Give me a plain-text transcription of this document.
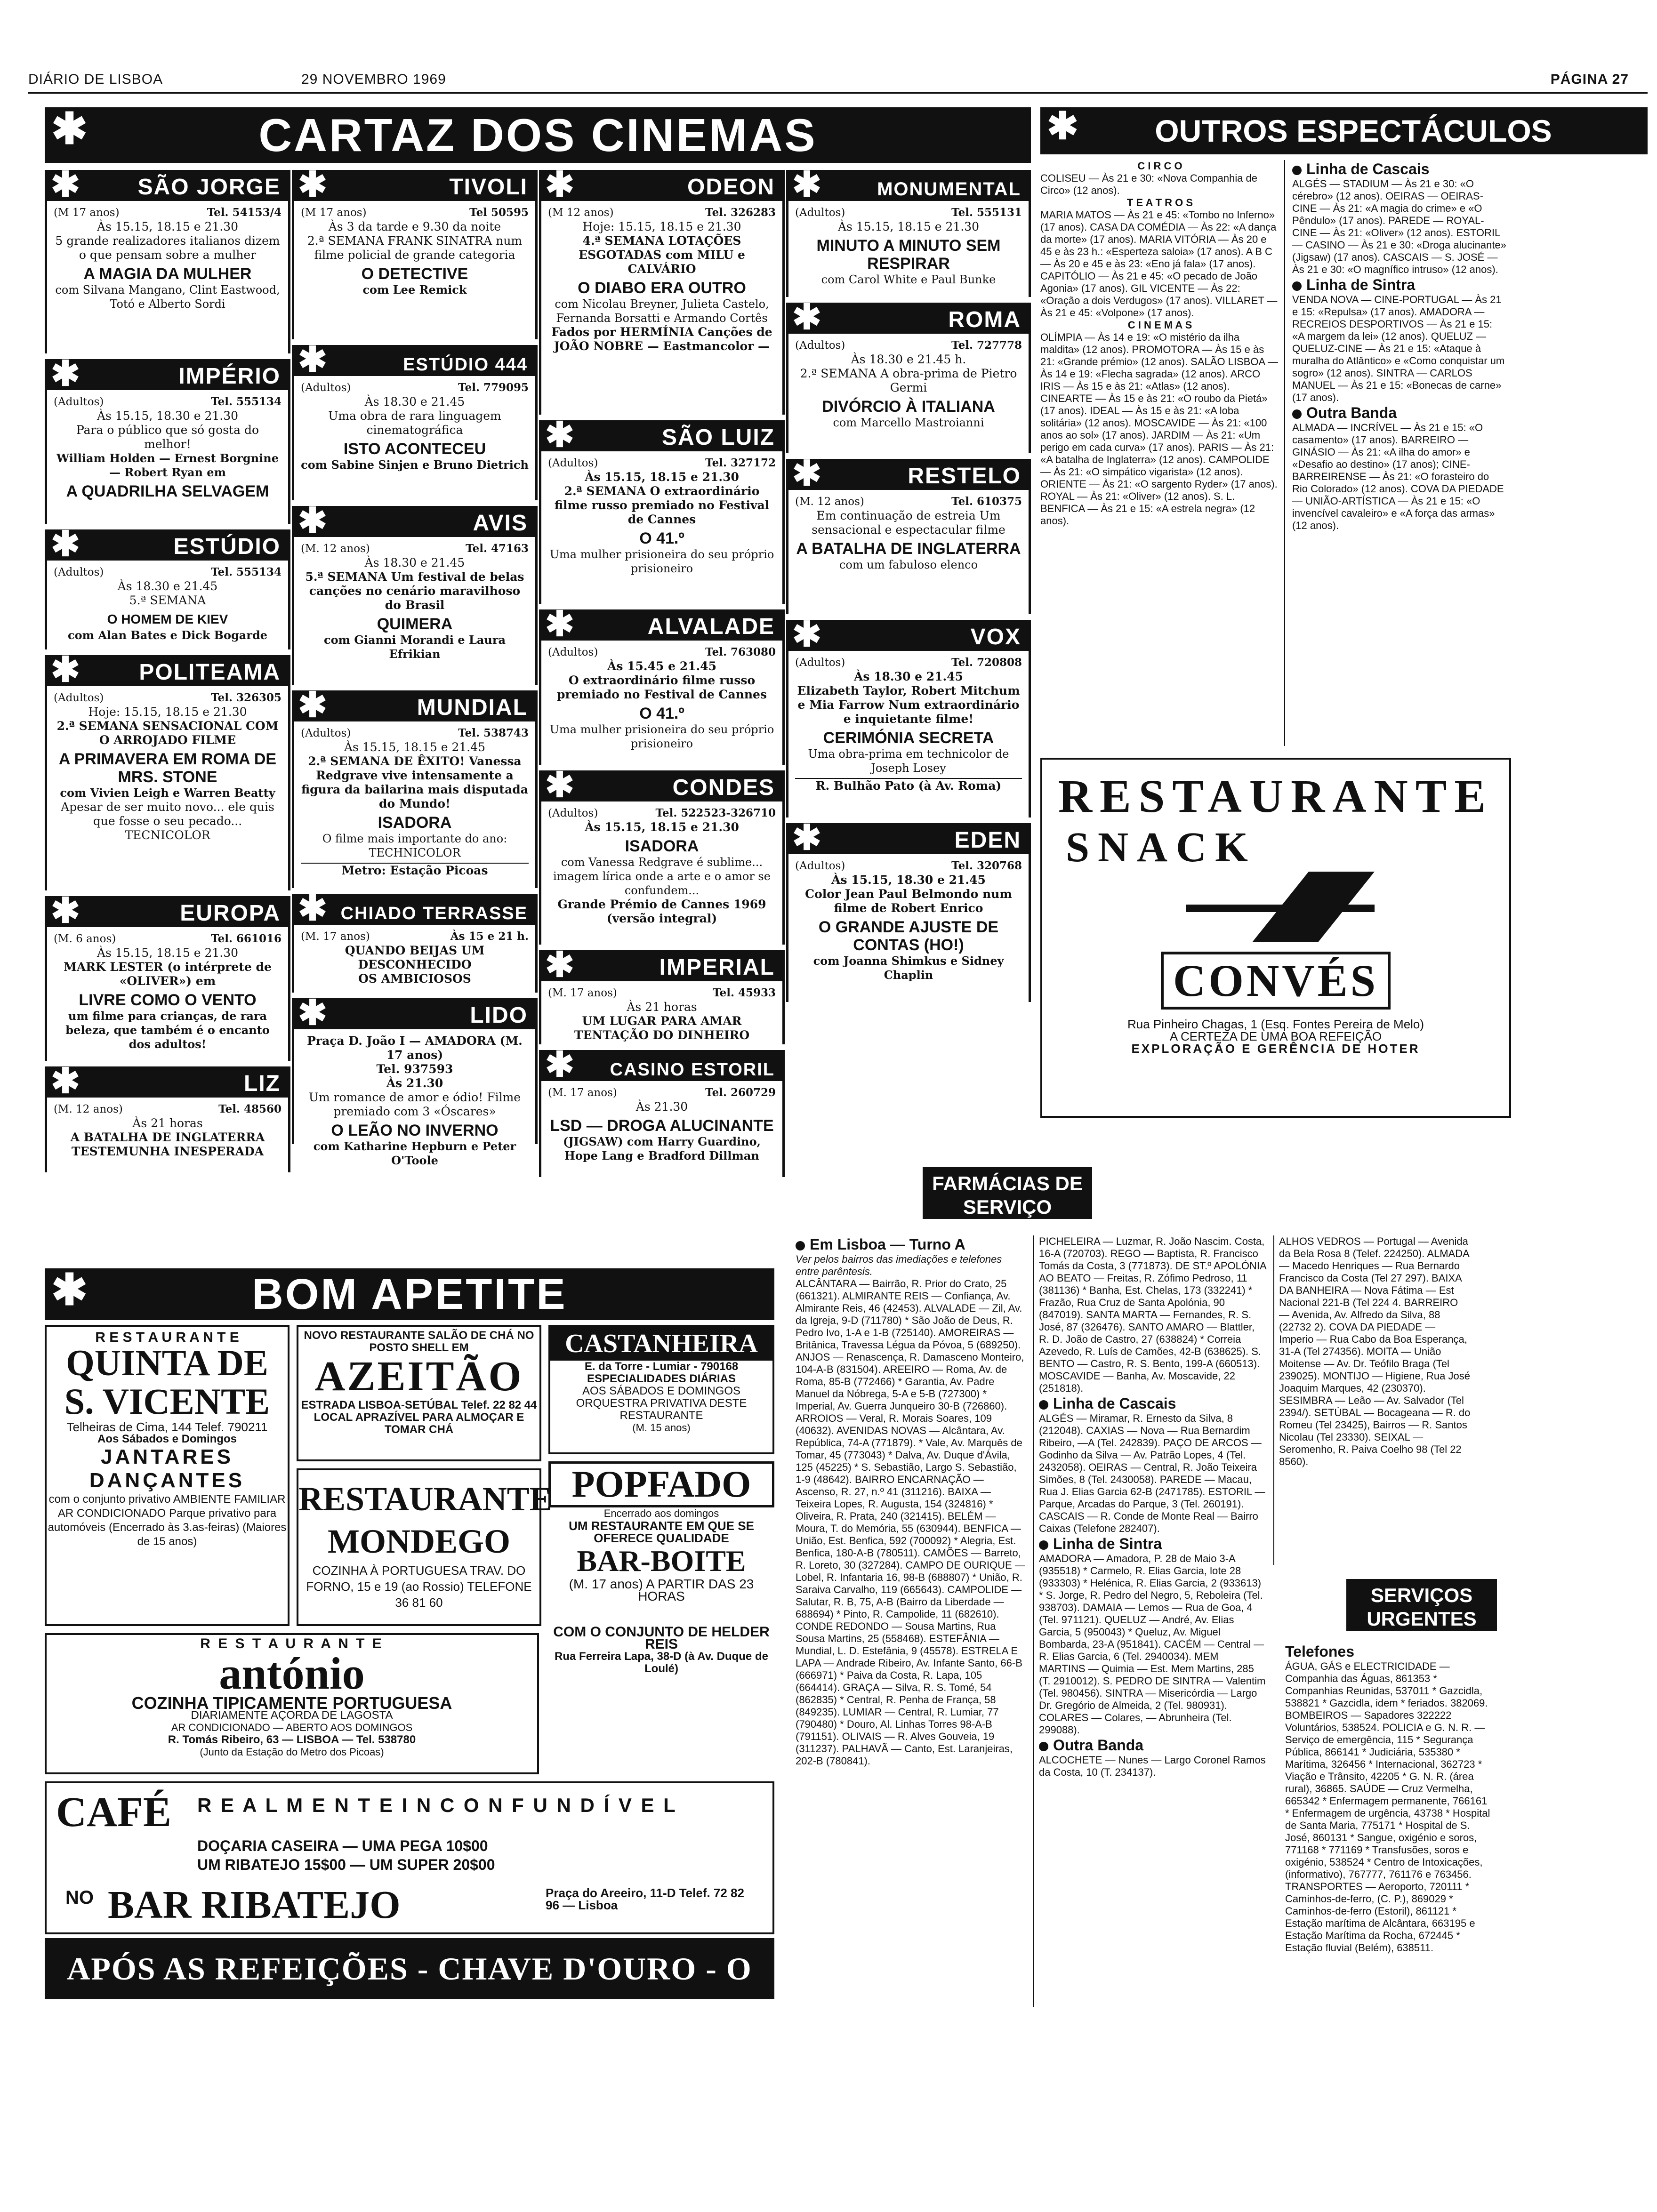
DIÁRIO DE LISBOA	29 NOVEMBRO 1969	PÁGINA 27
✱	CARTAZ DOS CINEMAS	✱ OUTROS ESPECTÁCULOS
✱	SÃO JORGE
(M 17 anos)	Tel. 54153/4
Às 15.15, 18.15 e 21.30
5 grande realizadores italianos dizem o que pensam sobre a mulher
A MAGIA DA MULHER
com Silvana Mangano, Clint Eastwood, Totó e Alberto Sordi
✱	IMPÉRIO
(Adultos)	Tel. 555134
Às 15.15, 18.30 e 21.30
Para o público que só gosta do melhor!
William Holden — Ernest Borgnine — Robert Ryan em
A QUADRILHA SELVAGEM
✱	ESTÚDIO
(Adultos)	Tel. 555134
Às 18.30 e 21.45
5.ª SEMANA
O HOMEM DE KIEV
com Alan Bates e Dick Bogarde
✱	POLITEAMA
(Adultos)	Tel. 326305
Hoje: 15.15, 18.15 e 21.30
2.ª SEMANA SENSACIONAL COM O ARROJADO FILME
A PRIMAVERA EM ROMA DE MRS. STONE
com Vivien Leigh e Warren Beatty
Apesar de ser muito novo... ele quis que fosse o seu pecado... TECNICOLOR
✱	EUROPA
(M. 6 anos)	Tel. 661016
Às 15.15, 18.15 e 21.30
MARK LESTER (o intérprete de «OLIVER») em
LIVRE COMO O VENTO
um filme para crianças, de rara beleza, que também é o encanto dos adultos!
✱	LIZ
(M. 12 anos)	Tel. 48560
Às 21 horas
A BATALHA DE INGLATERRA
TESTEMUNHA INESPERADA
✱	TIVOLI
(M 17 anos)	Tel 50595
Às 3 da tarde e 9.30 da noite
2.ª SEMANA FRANK SINATRA num filme policial de grande categoria
O DETECTIVE
com Lee Remick
✱	ESTÚDIO 444
(Adultos)	Tel. 779095
Às 18.30 e 21.45
Uma obra de rara linguagem cinematográfica
ISTO ACONTECEU
com Sabine Sinjen e Bruno Dietrich
✱	AVIS
(M. 12 anos)	Tel. 47163
Às 18.30 e 21.45
5.ª SEMANA Um festival de belas canções no cenário maravilhoso do Brasil
QUIMERA
com Gianni Morandi e Laura Efrikian
✱	MUNDIAL
(Adultos)	Tel. 538743
Às 15.15, 18.15 e 21.45
2.ª SEMANA DE ÊXITO! Vanessa Redgrave vive intensamente a figura da bailarina mais disputada do Mundo!
ISADORA
O filme mais importante do ano: TECHNICOLOR
Metro: Estação Picoas
✱ CHIADO TERRASSE
(M. 17 anos)	Às 15 e 21 h.
QUANDO BEIJAS UM DESCONHECIDO
OS AMBICIOSOS
✱	LIDO
Praça D. João I — AMADORA (M. 17 anos)
Tel. 937593
Às 21.30
Um romance de amor e ódio! Filme premiado com 3 «Óscares»
O LEÃO NO INVERNO
com Katharine Hepburn e Peter O'Toole
✱	ODEON
(M 12 anos)	Tel. 326283
Hoje: 15.15, 18.15 e 21.30
4.ª SEMANA LOTAÇÕES ESGOTADAS com MILU e CALVÁRIO
O DIABO ERA OUTRO
com Nicolau Breyner, Julieta Castelo, Fernanda Borsatti e Armando Cortês
Fados por HERMÍNIA Canções de JOÃO NOBRE — Eastmancolor —
✱	SÃO LUIZ
(Adultos)	Tel. 327172
Às 15.15, 18.15 e 21.30
2.ª SEMANA O extraordinário filme russo premiado no Festival de Cannes
O 41.º
Uma mulher prisioneira do seu próprio prisioneiro
✱	ALVALADE
(Adultos)	Tel. 763080
Às 15.45 e 21.45
O extraordinário filme russo premiado no Festival de Cannes
O 41.º
Uma mulher prisioneira do seu próprio prisioneiro
✱	CONDES
(Adultos)	Tel. 522523-326710
Às 15.15, 18.15 e 21.30
ISADORA
com Vanessa Redgrave é sublime... imagem lírica onde a arte e o amor se confundem...
Grande Prémio de Cannes 1969 (versão integral)
✱	IMPERIAL
(M. 17 anos)	Tel. 45933
Às 21 horas
UM LUGAR PARA AMAR TENTAÇÃO DO DINHEIRO
✱ CASINO ESTORIL
(M. 17 anos)	Tel. 260729
Às 21.30
LSD — DROGA ALUCINANTE
(JIGSAW) com Harry Guardino, Hope Lang e Bradford Dillman
✱	MONUMENTAL
(Adultos)	Tel. 555131
Às 15.15, 18.15 e 21.30
MINUTO A MINUTO SEM RESPIRAR
com Carol White e Paul Bunke
✱	ROMA
(Adultos)	Tel. 727778
Às 18.30 e 21.45 h.
2.ª SEMANA A obra-prima de Pietro Germi
DIVÓRCIO À ITALIANA
com Marcello Mastroianni
✱	RESTELO
(M. 12 anos)	Tel. 610375
Em continuação de estreia Um sensacional e espectacular filme
A BATALHA DE INGLATERRA
com um fabuloso elenco
✱	VOX
(Adultos)	Tel. 720808
Às 18.30 e 21.45
Elizabeth Taylor, Robert Mitchum e Mia Farrow Num extraordinário e inquietante filme!
CERIMÓNIA SECRETA
Uma obra-prima em technicolor de Joseph Losey
R. Bulhão Pato (à Av. Roma)
✱	EDEN
(Adultos)	Tel. 320768
Às 15.15, 18.30 e 21.45
Color Jean Paul Belmondo num filme de Robert Enrico
O GRANDE AJUSTE DE CONTAS (HO!)
com Joanna Shimkus e Sidney Chaplin
C I R C O
COLISEU — Às 21 e 30: «Nova Companhia de Circo» (12 anos).
T E A T R O S
MARIA MATOS — Às 21 e 45: «Tombo no Inferno» (17 anos). CASA DA COMÉDIA — Às 22: «A dança da morte» (17 anos). MARIA VITÓRIA — Às 20 e 45 e às 23 h.: «Esperteza saloia» (17 anos). A B C — Às 20 e 45 e às 23: «Eno já fala» (17 anos). CAPITÓLIO — Às 21 e 45: «O pecado de João Agonia» (17 anos). GIL VICENTE — Às 22: «Oração a dois Verdugos» (17 anos). VILLARET — Às 21 e 45: «Volpone» (17 anos).
C I N E M A S
OLÍMPIA — Às 14 e 19: «O mistério da ilha maldita» (12 anos). PROMOTORA — Às 15 e às 21: «Grande prémio» (12 anos). SALÃO LISBOA — Às 14 e 19: «Flecha sagrada» (12 anos). ARCO IRIS — Às 15 e às 21: «Atlas» (12 anos). CINEARTE — Às 15 e às 21: «O roubo da Pietá» (17 anos). IDEAL — Às 15 e às 21: «A loba solitária» (12 anos). MOSCAVIDE — Às 21: «100 anos ao sol» (17 anos). JARDIM — Às 21: «Um perigo em cada curva» (17 anos). PARIS — Às 21: «A batalha de Inglaterra» (12 anos). CAMPOLIDE — Às 21: «O simpático vigarista» (12 anos). ORIENTE — Às 21: «O sargento Ryder» (17 anos). ROYAL — Às 21: «Oliver» (12 anos). S. L. BENFICA — Às 21 e 15: «A estrela negra» (12 anos).
Linha de Cascais
ALGÉS — STADIUM — Às 21 e 30: «O cérebro» (12 anos). OEIRAS — OEIRAS-CINE — Às 21: «A magia do crime» e «O Pêndulo» (17 anos). PAREDE — ROYAL-CINE — Às 21: «Oliver» (12 anos). ESTORIL — CASINO — Às 21 e 30: «Droga alucinante» (Jigsaw) (17 anos). CASCAIS — S. JOSÉ — Às 21 e 30: «O magnífico intruso» (12 anos).
Linha de Sintra
VENDA NOVA — CINE-PORTUGAL — Às 21 e 15: «Repulsa» (17 anos). AMADORA — RECREIOS DESPORTIVOS — Às 21 e 15: «A margem da lei» (12 anos). QUELUZ — QUELUZ-CINE — Às 21 e 15: «Ataque à muralha do Atlântico» e «Como conquistar um sogro» (12 anos). SINTRA — CARLOS MANUEL — Às 21 e 15: «Bonecas de carne» (17 anos).
Outra Banda
ALMADA — INCRÍVEL — Às 21 e 15: «O casamento» (17 anos). BARREIRO — GINÁSIO — Às 21: «A ilha do amor» e «Desafio ao destino» (17 anos); CINE-BARREIRENSE — Às 21: «O forasteiro do Rio Colorado» (12 anos). COVA DA PIEDADE — UNIÃO-ARTÍSTICA — Às 21 e 15: «O invencível cavaleiro» e «A força das armas» (12 anos).
RESTAURANTE
SNACK
CONVÉS
Rua Pinheiro Chagas, 1 (Esq. Fontes Pereira de Melo)
A CERTEZA DE UMA BOA REFEIÇÃO
EXPLORAÇÃO E GERÊNCIA DE HOTER
✱	BOM APETITE
R E S T A U R A N T E
QUINTA DE S. VICENTE
Telheiras de Cima, 144 Telef. 790211
Aos Sábados e Domingos
JANTARES DANÇANTES
com o conjunto privativo AMBIENTE FAMILIAR AR CONDICIONADO Parque privativo para automóveis (Encerrado às 3.as-feiras) (Maiores de 15 anos)
NOVO RESTAURANTE SALÃO DE CHÁ NO POSTO SHELL EM
AZEITÃO
ESTRADA LISBOA-SETÚBAL Telef. 22 82 44
LOCAL APRAZÍVEL PARA ALMOÇAR E TOMAR CHÁ
RESTAURANTE MONDEGO
COZINHA À PORTUGUESA TRAV. DO FORNO, 15 e 19 (ao Rossio) TELEFONE 36 81 60
CASTANHEIRA
E. da Torre - Lumiar - 790168
ESPECIALIDADES DIÁRIAS
AOS SÁBADOS E DOMINGOS ORQUESTRA PRIVATIVA DESTE RESTAURANTE
(M. 15 anos)
POPFADO
Encerrado aos domingos
UM RESTAURANTE EM QUE SE OFERECE QUALIDADE
BAR-BOITE
(M. 17 anos) A PARTIR DAS 23 HORAS
COM O CONJUNTO DE HELDER REIS
Rua Ferreira Lapa, 38-D (à Av. Duque de Loulé)
R E S T A U R A N T E
antónio
COZINHA TIPICAMENTE PORTUGUESA
DIARIAMENTE AÇORDA DE LAGOSTA
AR CONDICIONADO — ABERTO AOS DOMINGOS
R. Tomás Ribeiro, 63 — LISBOA — Tel. 538780
(Junto da Estação do Metro dos Picoas)
CAFÉ R E A L M E N T E I N C O N F U N D Í V E L
DOÇARIA CASEIRA — UMA PEGA 10$00
UM RIBATEJO 15$00 — UM SUPER 20$00
NO BAR RIBATEJO	Praça do Areeiro, 11-D Telef. 72 82 96 — Lisboa
APÓS AS REFEIÇÕES - CHAVE D'OURO - O MELHOR CAFÉ
FARMÁCIAS DE SERVIÇO
Em Lisboa — Turno A
Ver pelos bairros das imediações e telefones entre parêntesis.
ALCÂNTARA — Bairrão, R. Prior do Crato, 25 (661321). ALMIRANTE REIS — Confiança, Av. Almirante Reis, 46 (42453). ALVALADE — Zil, Av. da Igreja, 9-D (711780) * São João de Deus, R. Pedro Ivo, 1-A e 1-B (725140). AMOREIRAS — Britânica, Travessa Légua da Póvoa, 5 (689250). ANJOS — Renascença, R. Damasceno Monteiro, 104-A-B (831504). AREEIRO — Roma, Av. de Roma, 85-B (772466) * Garantia, Av. Padre Manuel da Nóbrega, 5-A e 5-B (727300) * Imperial, Av. Guerra Junqueiro 30-B (726860). ARROIOS — Veral, R. Morais Soares, 109 (40632). AVENIDAS NOVAS — Alcântara, Av. República, 74-A (771879). * Vale, Av. Marquês de Tomar, 45 (773043) * Dalva, Av. Duque d'Ávila, 125 (45225) * S. Sebastião, Largo S. Sebastião, 1-9 (48642). BAIRRO ENCARNAÇÃO — Ascenso, R. 27, n.º 41 (311216). BAIXA — Teixeira Lopes, R. Augusta, 154 (324816) * Oliveira, R. Prata, 240 (321415). BELÉM — Moura, T. do Memória, 55 (630944). BENFICA — União, Est. Benfica, 592 (700092) * Alegria, Est. Benfica, 180-A-B (780511). CAMÕES — Barreto, R. Loreto, 30 (327284). CAMPO DE OURIQUE — Lobel, R. Infantaria 16, 98-B (688807) * União, R. Saraiva Carvalho, 119 (665643). CAMPOLIDE — Salutar, R. B, 75, A-B (Bairro da Liberdade — 688694) * Pinto, R. Campolide, 11 (682610). CONDE REDONDO — Sousa Martins, Rua Sousa Martins, 25 (558468). ESTEFÂNIA — Mundial, L. D. Estefânia, 9 (45578). ESTRELA E LAPA — Andrade Ribeiro, Av. Infante Santo, 66-B (666971) * Paiva da Costa, R. Lapa, 105 (664414). GRAÇA — Silva, R. S. Tomé, 54 (862835) * Central, R. Penha de França, 58 (849235). LUMIAR — Central, R. Lumiar, 77 (790480) * Douro, Al. Linhas Torres 98-A-B (791151). OLIVAIS — R. Alves Gouveia, 19 (311237). PALHAVÃ — Canto, Est. Laranjeiras, 202-B (780841).
PICHELEIRA — Luzmar, R. João Nascim. Costa, 16-A (720703). REGO — Baptista, R. Francisco Tomás da Costa, 3 (771873). DE ST.º APOLÓNIA AO BEATO — Freitas, R. Zófimo Pedroso, 11 (381136) * Banha, Est. Chelas, 173 (332241) * Frazão, Rua Cruz de Santa Apolónia, 90 (847019). SANTA MARTA — Fernandes, R. S. José, 87 (326476). SANTO AMARO — Blattler, R. D. João de Castro, 27 (638824) * Correia Azevedo, R. Luís de Camões, 42-B (638625). S. BENTO — Castro, R. S. Bento, 199-A (660513). MOSCAVIDE — Banha, Av. Moscavide, 22 (251818).
Linha de Cascais
ALGÉS — Miramar, R. Ernesto da Silva, 8 (212048). CAXIAS — Nova — Rua Bernardim Ribeiro, —A (Tel. 242839). PAÇO DE ARCOS — Godinho da Silva — Av. Patrão Lopes, 4 (Tel. 2432058). OEIRAS — Central, R. João Teixeira Simões, 8 (Tel. 2430058). PAREDE — Macau, Rua J. Elias Garcia 62-B (2471785). ESTORIL — Parque, Arcadas do Parque, 3 (Tel. 260191). CASCAIS — R. Conde de Monte Real — Bairro Caixas (Telefone 282407).
Linha de Sintra
AMADORA — Amadora, P. 28 de Maio 3-A (935518) * Carmelo, R. Elias Garcia, lote 28 (933303) * Helénica, R. Elias Garcia, 2 (933613) * S. Jorge, R. Pedro del Negro, 5, Reboleira (Tel. 938703). DAMAIA — Lemos — Rua de Goa, 4 (Tel. 971121). QUELUZ — André, Av. Elias Garcia, 5 (950043) * Queluz, Av. Miguel Bombarda, 23-A (951841). CACÉM — Central — R. Elias Garcia, 6 (Tel. 2940034). MEM MARTINS — Quimia — Est. Mem Martins, 285 (T. 2910012). S. PEDRO DE SINTRA — Valentim (Tel. 980456). SINTRA — Misericórdia — Largo Dr. Gregório de Almeida, 2 (Tel. 980931). COLARES — Colares, — Abrunheira (Tel. 299088).
Outra Banda
ALCOCHETE — Nunes — Largo Coronel Ramos da Costa, 10 (T. 234137).
ALHOS VEDROS — Portugal — Avenida da Bela Rosa 8 (Telef. 224250). ALMADA — Macedo Henriques — Rua Bernardo Francisco da Costa (Tel 27 297). BAIXA DA BANHEIRA — Nova Fátima — Est Nacional 221-B (Tel 224 4. BARREIRO — Avenida, Av. Alfredo da Silva, 88 (22732 2). COVA DA PIEDADE — Imperio — Rua Cabo da Boa Esperança, 31-A (Tel 274356). MOITA — União Moitense — Av. Dr. Teófilo Braga (Tel 239025). MONTIJO — Higiene, Rua José Joaquim Marques, 42 (230370). SESIMBRA — Leão — Av. Salvador (Tel 2394/). SETÚBAL — Bocageana — R. do Romeu (Tel 23425), Bairros — R. Santos Nicolau (Tel 23330). SEIXAL — Seromenho, R. Paiva Coelho 98 (Tel 22 8560).
SERVIÇOS URGENTES
Telefones
ÁGUA, GÁS e ELECTRICIDADE — Companhia das Águas, 861353 * Companhias Reunidas, 537011 * Gazcidla, 538821 * Gazcidla, idem * feriados. 382069. BOMBEIROS — Sapadores 322222 Voluntários, 538524. POLICIA e G. N. R. — Serviço de emergência, 115 * Segurança Pública, 866141 * Judiciária, 535380 * Marítima, 326456 * Internacional, 362723 * Viação e Trânsito, 42205 * G. N. R. (área rural), 36865. SAÚDE — Cruz Vermelha, 665342 * Enfermagem permanente, 766161 * Enfermagem de urgência, 43738 * Hospital de Santa Maria, 775171 * Hospital de S. José, 860131 * Sangue, oxigénio e soros, 771168 * 771169 * Transfusões, soros e oxigénio, 538524 * Centro de Intoxicações, (informativo), 767777, 761176 e 763456. TRANSPORTES — Aeroporto, 720111 * Caminhos-de-ferro, (C. P.), 869029 * Caminhos-de-ferro (Estoril), 861121 * Estação marítima de Alcântara, 663195 e Estação Marítima da Rocha, 672445 * Estação fluvial (Belém), 638511.
